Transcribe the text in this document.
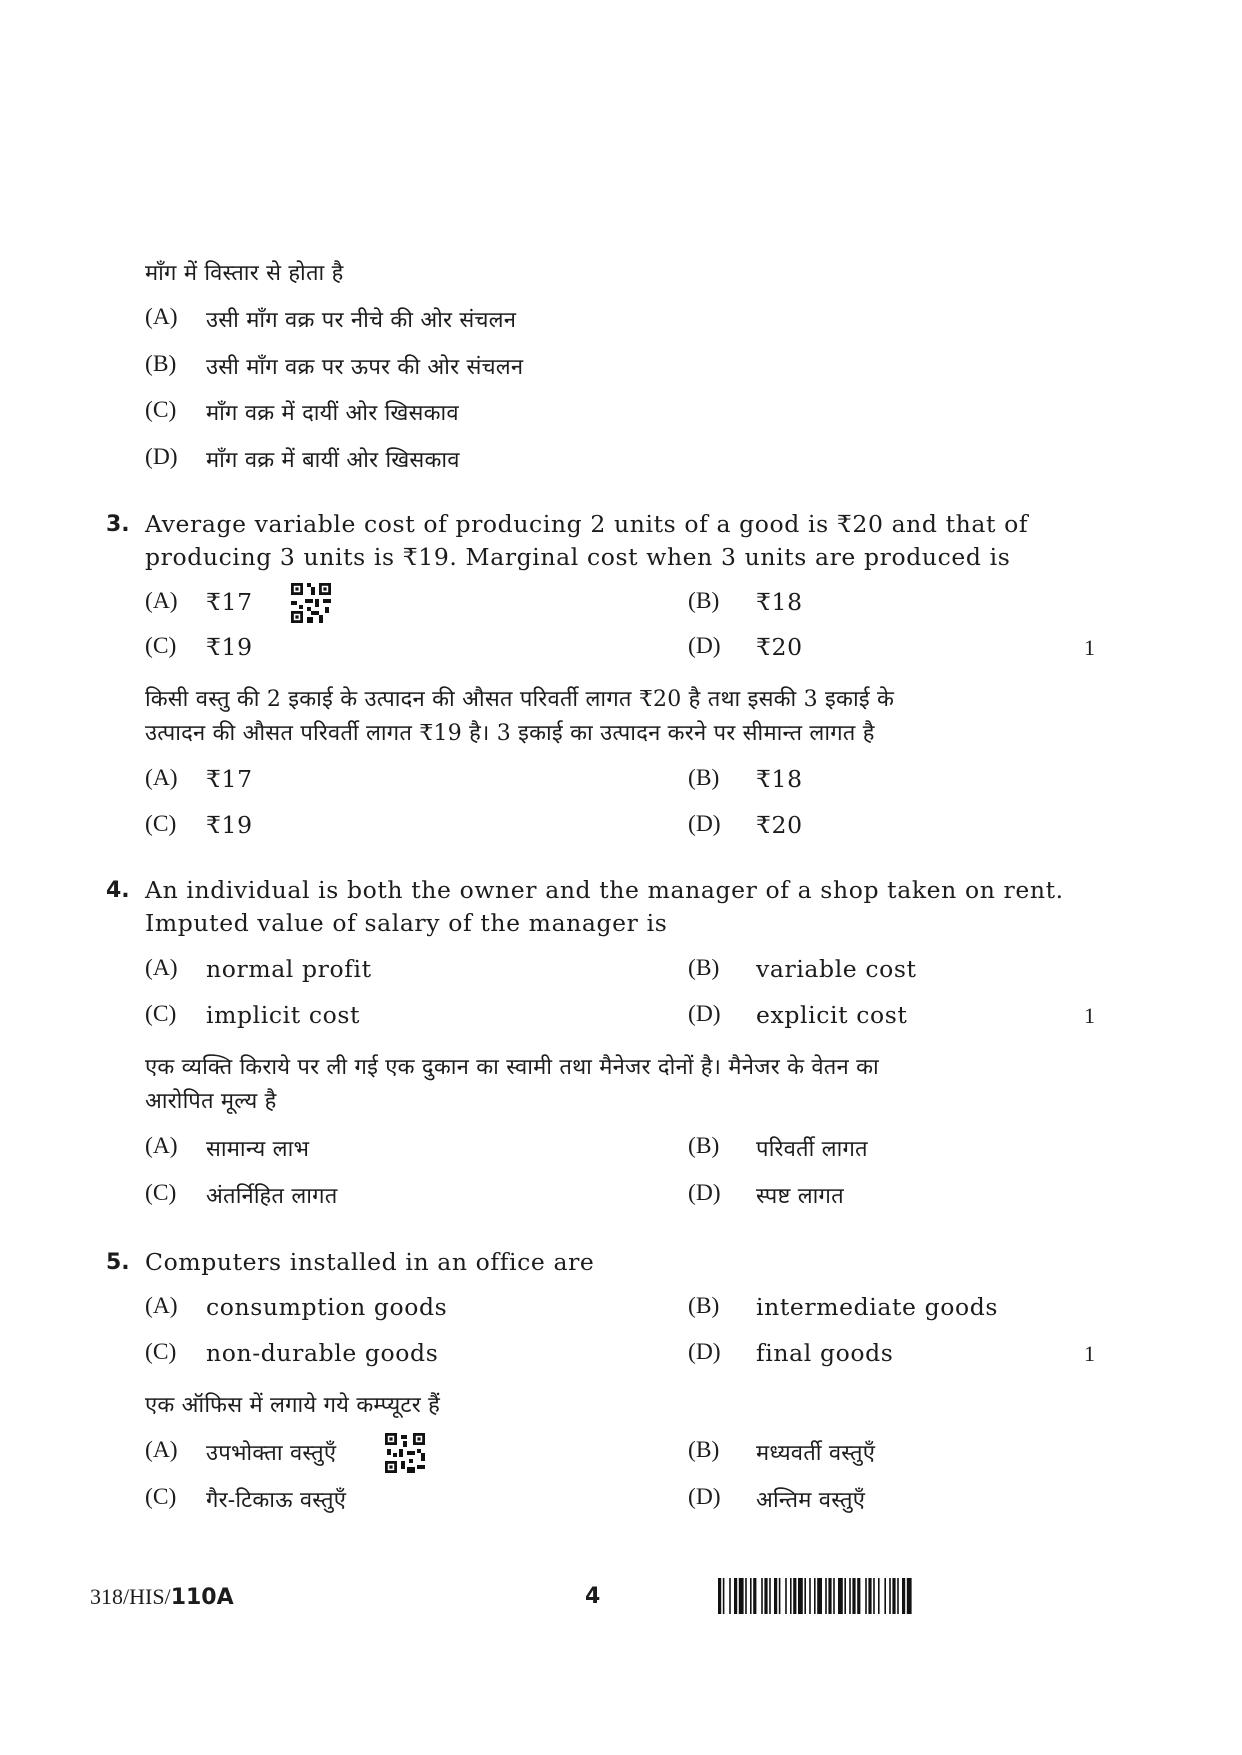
माँग में विस्तार से होता है
(A) उसी माँग वक्र पर नीचे की ओर संचलन
(B) उसी माँग वक्र पर ऊपर की ओर संचलन
(C) माँग वक्र में दायीं ओर खिसकाव
(D) माँग वक्र में बायीं ओर खिसकाव
3. Average variable cost of producing 2 units of a good is ₹20 and that of
producing 3 units is ₹19. Marginal cost when 3 units are produced is
(A) ₹17	(B) ₹18
(C) ₹19	(D) ₹20	1
किसी वस्तु की 2 इकाई के उत्पादन की औसत परिवर्ती लागत ₹20 है तथा इसकी 3 इकाई के
उत्पादन की औसत परिवर्ती लागत ₹19 है। 3 इकाई का उत्पादन करने पर सीमान्त लागत है
(A) ₹17	(B) ₹18
(C) ₹19	(D) ₹20
4. An individual is both the owner and the manager of a shop taken on rent.
Imputed value of salary of the manager is
(A) normal profit	(B) variable cost
(C) implicit cost	(D) explicit cost	1
एक व्यक्ति किराये पर ली गई एक दुकान का स्वामी तथा मैनेजर दोनों है। मैनेजर के वेतन का
आरोपित मूल्य है
(A) सामान्य लाभ	(B) परिवर्ती लागत
(C) अंतर्निहित लागत	(D) स्पष्ट लागत
5. Computers installed in an office are
(A) consumption goods	(B) intermediate goods
(C) non-durable goods	(D) final goods	1
एक ऑफिस में लगाये गये कम्प्यूटर हैं
(A) उपभोक्ता वस्तुएँ	(B) मध्यवर्ती वस्तुएँ
(C) गैर-टिकाऊ वस्तुएँ	(D) अन्तिम वस्तुएँ
318/HIS/110A	4
